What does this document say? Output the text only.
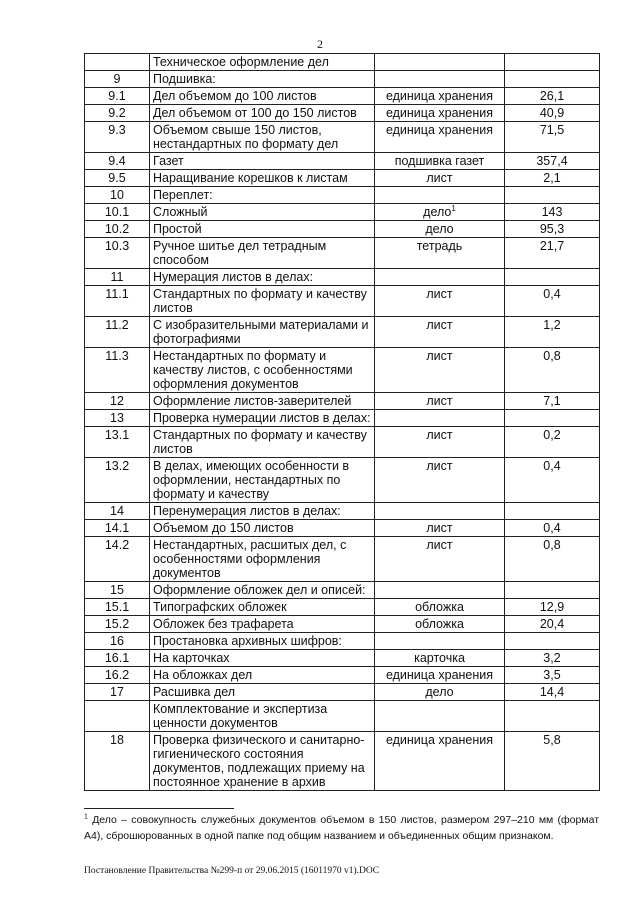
2
	Техническое оформление дел		
9	Подшивка:		
9.1	Дел объемом до 100 листов	единица хранения	26,1
9.2	Дел объемом от 100 до 150 листов	единица хранения	40,9
9.3	Объемом свыше 150 листов, нестандартных по формату дел	единица хранения	71,5
9.4	Газет	подшивка газет	357,4
9.5	Наращивание корешков к листам	лист	2,1
10	Переплет:		
10.1	Сложный	дело$^1$	143
10.2	Простой	дело	95,3
10.3	Ручное шитье дел тетрадным способом	тетрадь	21,7
11	Нумерация листов в делах:		
11.1	Стандартных по формату и качеству листов	лист	0,4
11.2	С изобразительными материалами и фотографиями	лист	1,2
11.3	Нестандартных по формату и качеству листов, с особенностями оформления документов	лист	0,8
12	Оформление листов-заверителей	лист	7,1
13	Проверка нумерации листов в делах:		
13.1	Стандартных по формату и качеству листов	лист	0,2
13.2	В делах, имеющих особенности в оформлении, нестандартных по формату и качеству	лист	0,4
14	Перенумерация листов в делах:		
14.1	Объемом до 150 листов	лист	0,4
14.2	Нестандартных, расшитых дел, с особенностями оформления документов	лист	0,8
15	Оформление обложек дел и описей:		
15.1	Типографских обложек	обложка	12,9
15.2	Обложек без трафарета	обложка	20,4
16	Простановка архивных шифров:		
16.1	На карточках	карточка	3,2
16.2	На обложках дел	единица хранения	3,5
17	Расшивка дел	дело	14,4
	Комплектование и экспертиза ценности документов		
18	Проверка физического и санитарно-гигиенического состояния документов, подлежащих приему на постоянное хранение в архив	единица хранения	5,8
$^1$ Дело – совокупность служебных документов объемом в 150 листов, размером 297–210 мм (формат А4), сброшюрованных в одной папке под общим названием и объединенных общим признаком.
Постановление Правительства №299-п от 29.06.2015 (16011970 v1).DOC
